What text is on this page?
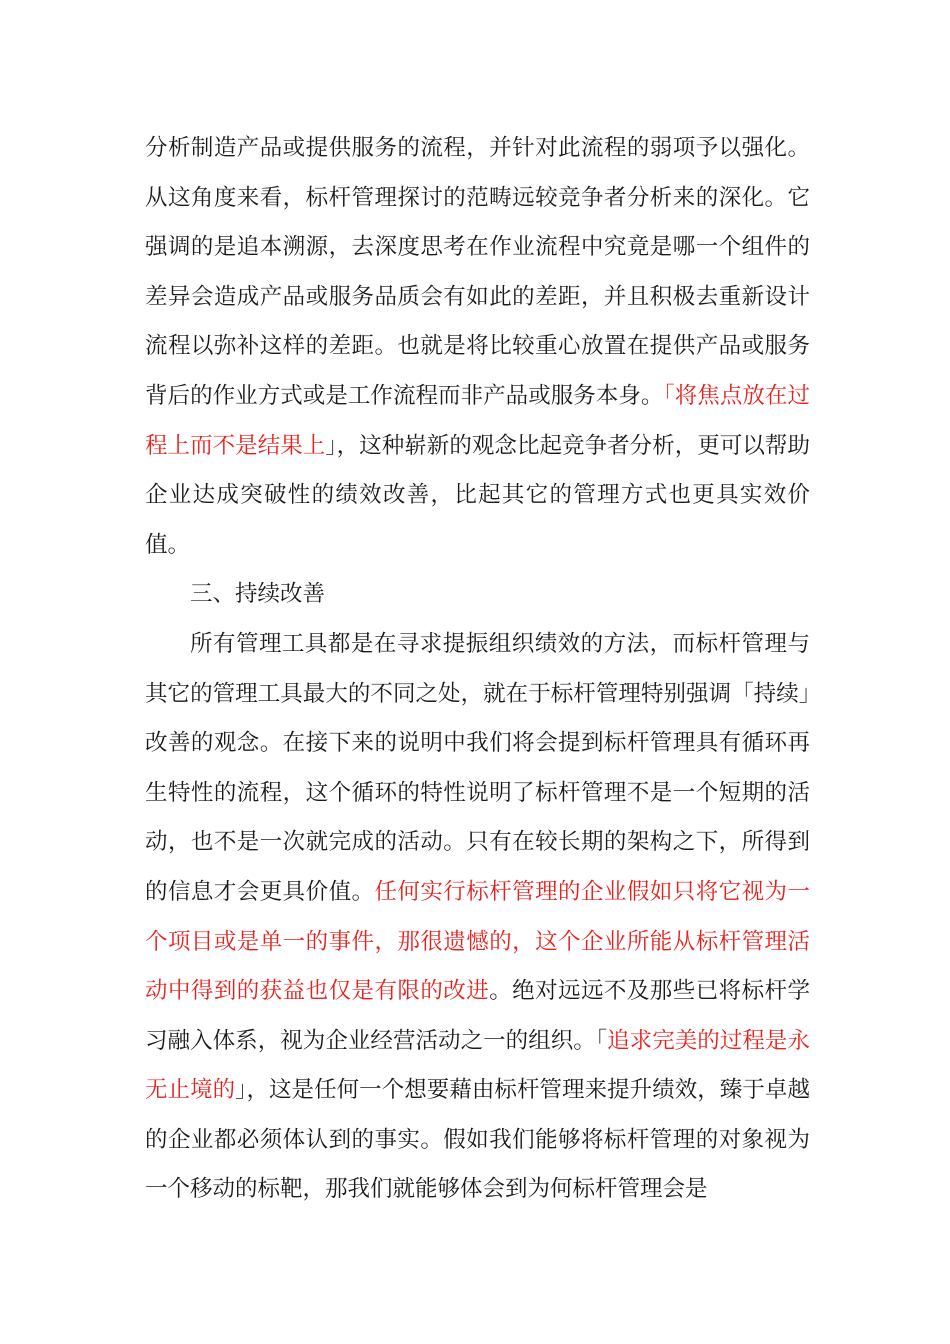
分析制造产品或提供服务的流程，并针对此流程的弱项予以强化。从这角度来看，标杆管理探讨的范畴远较竞争者分析来的深化。它强调的是追本溯源，去深度思考在作业流程中究竟是哪一个组件的差异会造成产品或服务品质会有如此的差距，并且积极去重新设计流程以弥补这样的差距。也就是将比较重心放置在提供产品或服务背后的作业方式或是工作流程而非产品或服务本身。「将焦点放在过程上而不是结果上」，这种崭新的观念比起竞争者分析，更可以帮助企业达成突破性的绩效改善，比起其它的管理方式也更具实效价值。

三、持续改善

所有管理工具都是在寻求提振组织绩效的方法，而标杆管理与其它的管理工具最大的不同之处，就在于标杆管理特别强调「持续」改善的观念。在接下来的说明中我们将会提到标杆管理具有循环再生特性的流程，这个循环的特性说明了标杆管理不是一个短期的活动，也不是一次就完成的活动。只有在较长期的架构之下，所得到的信息才会更具价值。任何实行标杆管理的企业假如只将它视为一个项目或是单一的事件，那很遗憾的，这个企业所能从标杆管理活动中得到的获益也仅是有限的改进。绝对远远不及那些已将标杆学习融入体系，视为企业经营活动之一的组织。「追求完美的过程是永无止境的」，这是任何一个想要藉由标杆管理来提升绩效，臻于卓越的企业都必须体认到的事实。假如我们能够将标杆管理的对象视为一个移动的标靶，那我们就能够体会到为何标杆管理会是
